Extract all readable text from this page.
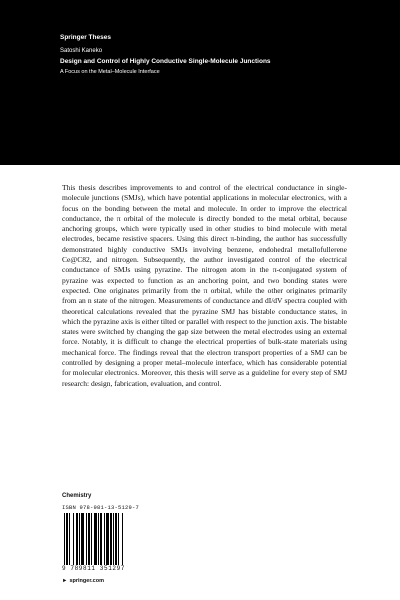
Springer Theses
Satoshi Kaneko
Design and Control of Highly Conductive Single-Molecule Junctions
A Focus on the Metal–Molecule Interface
This thesis describes improvements to and control of the electrical conductance in single-molecule junctions (SMJs), which have potential applications in molecular electronics, with a focus on the bonding between the metal and molecule. In order to improve the electrical conductance, the π orbital of the molecule is directly bonded to the metal orbital, because anchoring groups, which were typically used in other studies to bind molecule with metal electrodes, became resistive spacers. Using this direct π-binding, the author has successfully demonstrated highly conductive SMJs involving benzene, endohedral metallofullerene Ce@C82, and nitrogen. Subsequently, the author investigated control of the electrical conductance of SMJs using pyrazine. The nitrogen atom in the π-conjugated system of pyrazine was expected to function as an anchoring point, and two bonding states were expected. One originates primarily from the π orbital, while the other originates primarily from an n state of the nitrogen. Measurements of conductance and dI/dV spectra coupled with theoretical calculations revealed that the pyrazine SMJ has bistable conductance states, in which the pyrazine axis is either tilted or parallel with respect to the junction axis. The bistable states were switched by changing the gap size between the metal electrodes using an external force. Notably, it is difficult to change the electrical properties of bulk-state materials using mechanical force. The findings reveal that the electron transport properties of a SMJ can be controlled by designing a proper metal–molecule interface, which has considerable potential for molecular electronics. Moreover, this thesis will serve as a guideline for every step of SMJ research: design, fabrication, evaluation, and control.
Chemistry
ISBN 978-981-13-5129-7
9 789811 351297
► springer.com
